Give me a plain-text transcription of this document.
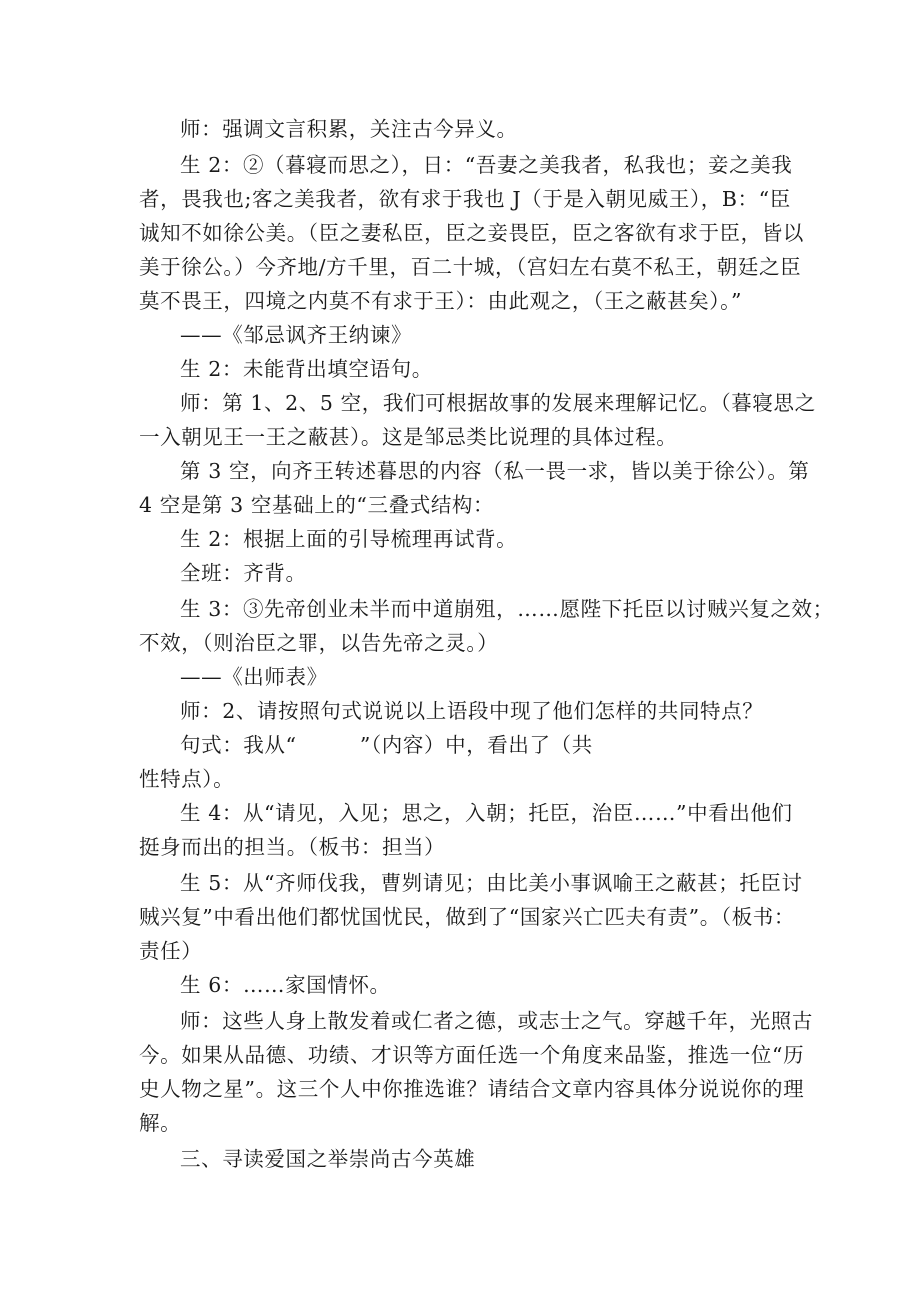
师：强调文言积累，关注古今异义。
生 2：②（暮寝而思之），日：“吾妻之美我者，私我也；妾之美我
者，畏我也;客之美我者，欲有求于我也 J（于是入朝见威王），B：“臣
诚知不如徐公美。（臣之妻私臣，臣之妾畏臣，臣之客欲有求于臣，皆以
美于徐公。）今齐地/方千里，百二十城，（宫妇左右莫不私王，朝廷之臣
莫不畏王，四境之内莫不有求于王）：由此观之，（王之蔽甚矣）。”
——《邹忌讽齐王纳谏》
生 2：未能背出填空语句。
师：第 1、2、5 空，我们可根据故事的发展来理解记忆。（暮寝思之
一入朝见王一王之蔽甚）。这是邹忌类比说理的具体过程。
第 3 空，向齐王转述暮思的内容（私一畏一求，皆以美于徐公）。第
4 空是第 3 空基础上的“三叠式结构：
生 2：根据上面的引导梳理再试背。
全班：齐背。
生 3：③先帝创业未半而中道崩殂，……愿陛下托臣以讨贼兴复之效；
不效，（则治臣之罪，以告先帝之灵。）
——《出师表》
师：2、请按照句式说说以上语段中现了他们怎样的共同特点？
句式：我从“　　　”（内容）中，看出了（共
性特点）。
生 4：从“请见，入见；思之，入朝；托臣，治臣……”中看出他们
挺身而出的担当。（板书：担当）
生 5：从“齐师伐我，曹刿请见；由比美小事讽喻王之蔽甚；托臣讨
贼兴复”中看出他们都忧国忧民，做到了“国家兴亡匹夫有责”。（板书：
责任）
生 6：……家国情怀。
师：这些人身上散发着或仁者之德，或志士之气。穿越千年，光照古
今。如果从品德、功绩、才识等方面任选一个角度来品鉴，推选一位“历
史人物之星”。这三个人中你推选谁？请结合文章内容具体分说说你的理
解。
三、寻读爱国之举崇尚古今英雄
